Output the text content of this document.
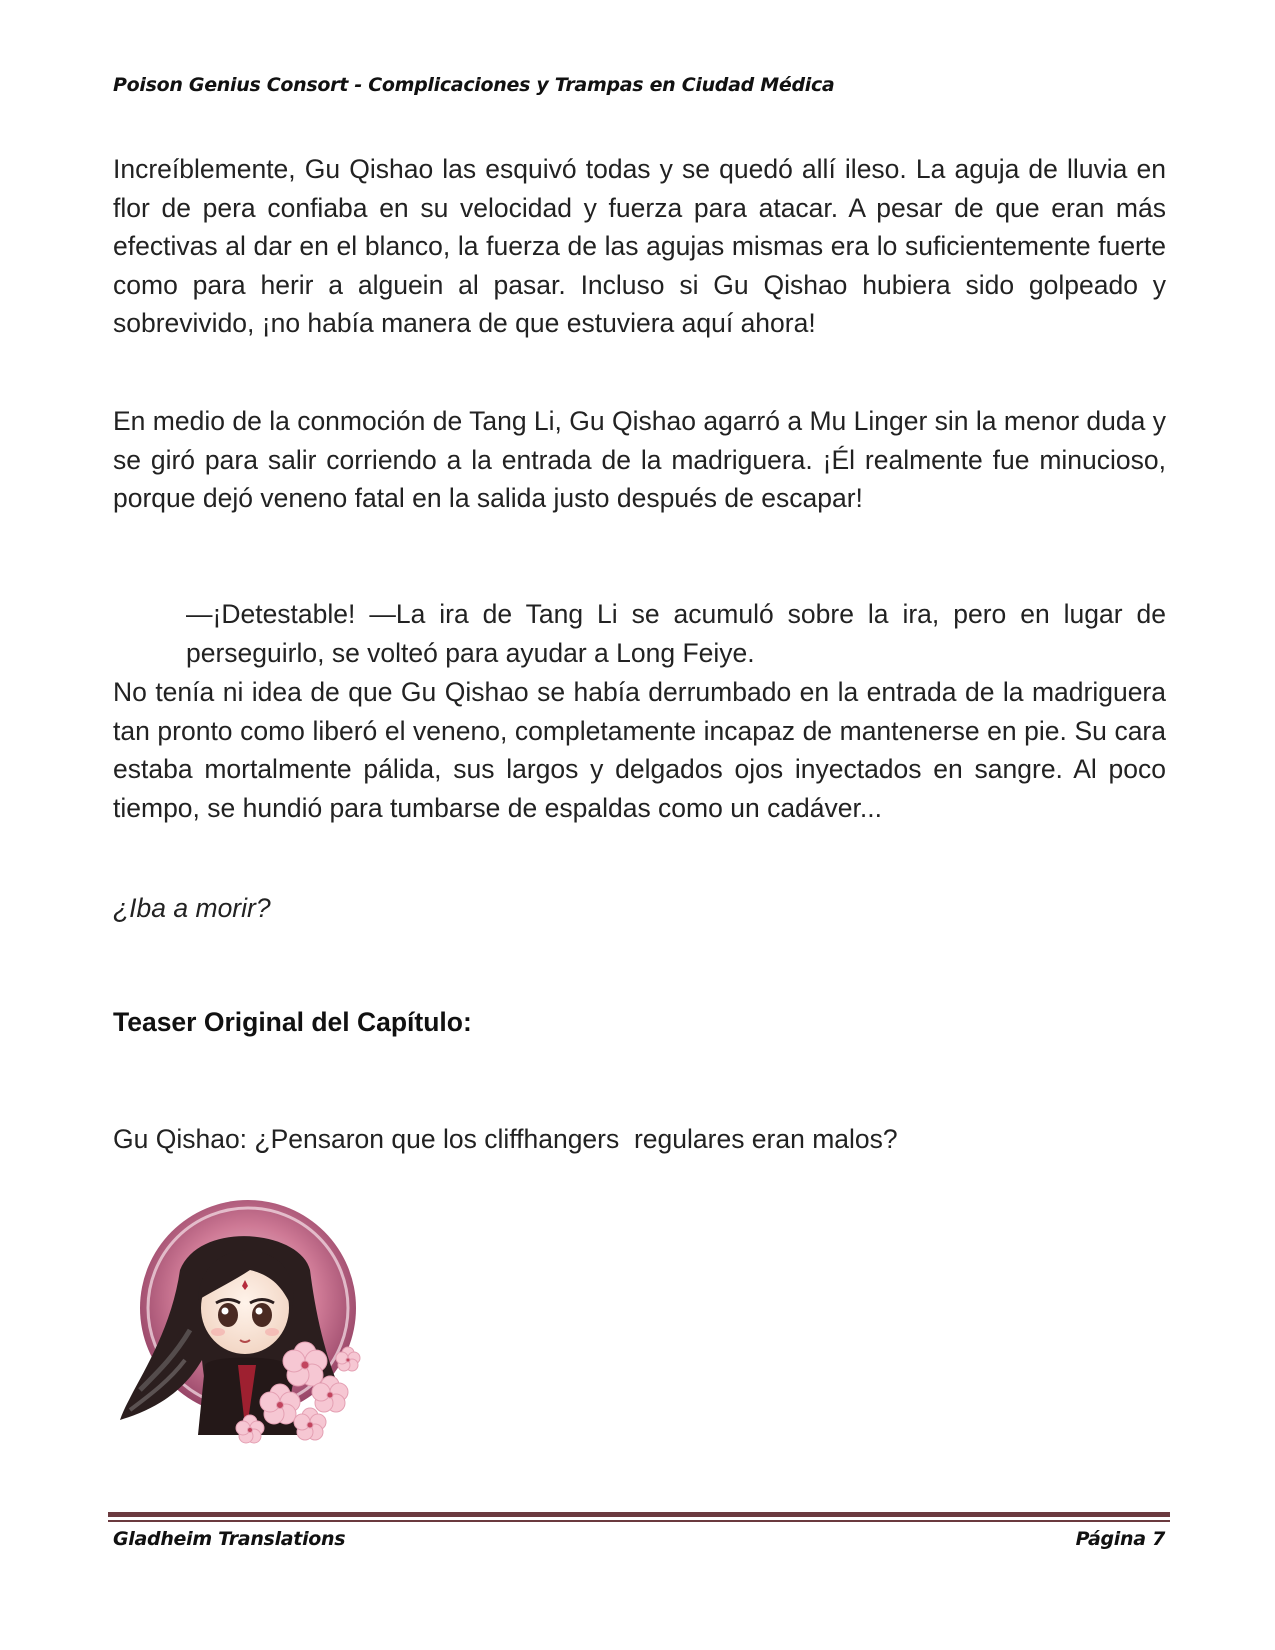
Poison Genius Consort - Complicaciones y Trampas en Ciudad Médica

Increíblemente, Gu Qishao las esquivó todas y se quedó allí ileso. La aguja de lluvia en flor de pera confiaba en su velocidad y fuerza para atacar. A pesar de que eran más efectivas al dar en el blanco, la fuerza de las agujas mismas era lo suficientemente fuerte como para herir a alguein al pasar. Incluso si Gu Qishao hubiera sido golpeado y sobrevivido, ¡no había manera de que estuviera aquí ahora!

En medio de la conmoción de Tang Li, Gu Qishao agarró a Mu Linger sin la menor duda y se giró para salir corriendo a la entrada de la madriguera. ¡Él realmente fue minucioso, porque dejó veneno fatal en la salida justo después de escapar!

—¡Detestable! —La ira de Tang Li se acumuló sobre la ira, pero en lugar de perseguirlo, se volteó para ayudar a Long Feiye.

No tenía ni idea de que Gu Qishao se había derrumbado en la entrada de la madriguera tan pronto como liberó el veneno, completamente incapaz de mantenerse en pie. Su cara estaba mortalmente pálida, sus largos y delgados ojos inyectados en sangre. Al poco tiempo, se hundió para tumbarse de espaldas como un cadáver...

¿Iba a morir?

Teaser Original del Capítulo:
Gu Qishao: ¿Pensaron que los cliffhangers  regulares eran malos?
Gladheim Translations	Página 7
